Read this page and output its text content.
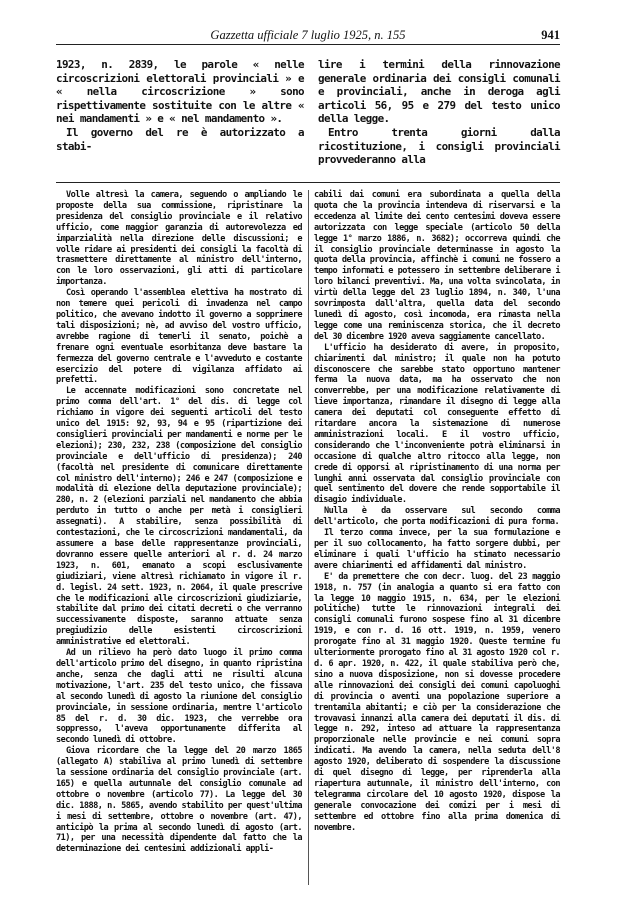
Gazzetta ufficiale 7 luglio 1925, n. 155	941

1923, n. 2839, le parole « nelle circoscrizioni elettorali provinciali » e « nella circoscrizione » sono rispettivamente sostituite con le altre « nei mandamenti » e « nel mandamento ».

Il governo del re è autorizzato a stabi-

lire i termini della rinnovazione generale ordinaria dei consigli comunali e provinciali, anche in deroga agli articoli 56, 95 e 279 del testo unico della legge.

Entro trenta giorni dalla ricostituzione, i consigli provinciali provvederanno alla

Volle altresì la camera, seguendo o ampliando le proposte della sua commissione, ripristinare la presidenza del consiglio provinciale e il relativo ufficio, come maggior garanzia di autorevolezza ed imparzialità nella direzione delle discussioni; e volle ridare ai presidenti dei consigli la facoltà di trasmettere direttamente al ministro dell'interno, con le loro osservazioni, gli atti di particolare importanza.

Così operando l'assemblea elettiva ha mostrato di non temere quei pericoli di invadenza nel campo politico, che avevano indotto il governo a sopprimere tali disposizioni; nè, ad avviso del vostro ufficio, avrebbe ragione di temerli il senato, poichè a frenare ogni eventuale esorbitanza deve bastare la fermezza del governo centrale e l'avveduto e costante esercizio del potere di vigilanza affidato ai prefetti.

Le accennate modificazioni sono concretate nel primo comma dell'art. 1° del dis. di legge col richiamo in vigore dei seguenti articoli del testo unico del 1915: 92, 93, 94 e 95 (ripartizione dei consiglieri provinciali per mandamenti e norme per le elezioni); 230, 232, 238 (composizione del consiglio provinciale e dell'ufficio di presidenza); 240 (facoltà nel presidente di comunicare direttamente col ministro dell'interno); 246 e 247 (composizione e modalità di elezione della deputazione provinciale); 280, n. 2 (elezioni parziali nel mandamento che abbia perduto in tutto o anche per metà i consiglieri assegnati). A stabilire, senza possibilità di contestazioni, che le circoscrizioni mandamentali, da assumere a base delle rappresentanze provinciali, dovranno essere quelle anteriori al r. d. 24 marzo 1923, n. 601, emanato a scopi esclusivamente giudiziari, viene altresì richiamato in vigore il r. d. legisl. 24 sett. 1923, n. 2064, il quale prescrive che le modificazioni alle circoscrizioni giudiziarie, stabilite dal primo dei citati decreti o che verranno successivamente disposte, saranno attuate senza pregiudizio delle esistenti circoscrizioni amministrative ed elettorali.

Ad un rilievo ha però dato luogo il primo comma dell'articolo primo del disegno, in quanto ripristina anche, senza che dagli atti ne risulti alcuna motivazione, l'art. 235 del testo unico, che fissava al secondo lunedì di agosto la riunione del consiglio provinciale, in sessione ordinaria, mentre l'articolo 85 del r. d. 30 dic. 1923, che verrebbe ora soppresso, l'aveva opportunamente differita al secondo lunedì di ottobre.

Giova ricordare che la legge del 20 marzo 1865 (allegato A) stabiliva al primo lunedì di settembre la sessione ordinaria del consiglio provinciale (art. 165) e quella autunnale del consiglio comunale ad ottobre o novembre (articolo 77). La legge del 30 dic. 1888, n. 5865, avendo stabilito per quest'ultima i mesi di settembre, ottobre o novembre (art. 47), anticipò la prima al secondo lunedì di agosto (art. 71), per una necessità dipendente dal fatto che la determinazione dei centesimi addizionali appli-

cabili dai comuni era subordinata a quella della quota che la provincia intendeva di riservarsi e la eccedenza al limite dei cento centesimi doveva essere autorizzata con legge speciale (articolo 50 della legge 1° marzo 1886, n. 3682); occorreva quindi che il consiglio provinciale determinasse in agosto la quota della provincia, affinchè i comuni ne fossero a tempo informati e potessero in settembre deliberare i loro bilanci preventivi. Ma, una volta svincolata, in virtù della legge del 23 luglio 1894, n. 340, l'una sovrimposta dall'altra, quella data del secondo lunedì di agosto, così incomoda, era rimasta nella legge come una reminiscenza storica, che il decreto del 30 dicembre 1920 aveva saggiamente cancellato.

L'ufficio ha desiderato di avere, in proposito, chiarimenti dal ministro; il quale non ha potuto disconoscere che sarebbe stato opportuno mantener ferma la nuova data, ma ha osservato che non converrebbe, per una modificazione relativamente di lieve importanza, rimandare il disegno di legge alla camera dei deputati col conseguente effetto di ritardare ancora la sistemazione di numerose amministrazioni locali. E il vostro ufficio, considerando che l'inconveniente potrà eliminarsi in occasione di qualche altro ritocco alla legge, non crede di opporsi al ripristinamento di una norma per lunghi anni osservata dal consiglio provinciale con quel sentimento del dovere che rende sopportabile il disagio individuale.

Nulla è da osservare sul secondo comma dell'articolo, che porta modificazioni di pura forma.

Il terzo comma invece, per la sua formulazione e per il suo collocamento, ha fatto sorgere dubbi, per eliminare i quali l'ufficio ha stimato necessario avere chiarimenti ed affidamenti dal ministro.

E' da premettere che con decr. luog. del 23 maggio 1918, n. 757 (in analogia a quanto si era fatto con la legge 10 maggio 1915, n. 634, per le elezioni politiche) tutte le rinnovazioni integrali dei consigli comunali furono sospese fino al 31 dicembre 1919, e con r. d. 16 ott. 1919, n. 1959, venero prorogate fino al 31 maggio 1920. Queste termine fu ulteriormente prorogato fino al 31 agosto 1920 col r. d. 6 apr. 1920, n. 422, il quale stabiliva però che, sino a nuova disposizione, non si dovesse procedere alle rinnovazioni dei consigli dei comuni capoluoghi di provincia o aventi una popolazione superiore a trentamila abitanti; e ciò per la considerazione che trovavasi innanzi alla camera dei deputati il dis. di legge n. 292, inteso ad attuare la rappresentanza proporzionale nelle provincie e nei comuni sopra indicati. Ma avendo la camera, nella seduta dell'8 agosto 1920, deliberato di sospendere la discussione di quel disegno di legge, per riprenderla alla riapertura autunnale, il ministro dell'interno, con telegramma circolare del 10 agosto 1920, dispose la generale convocazione dei comizi per i mesi di settembre ed ottobre fino alla prima domenica di novembre.
